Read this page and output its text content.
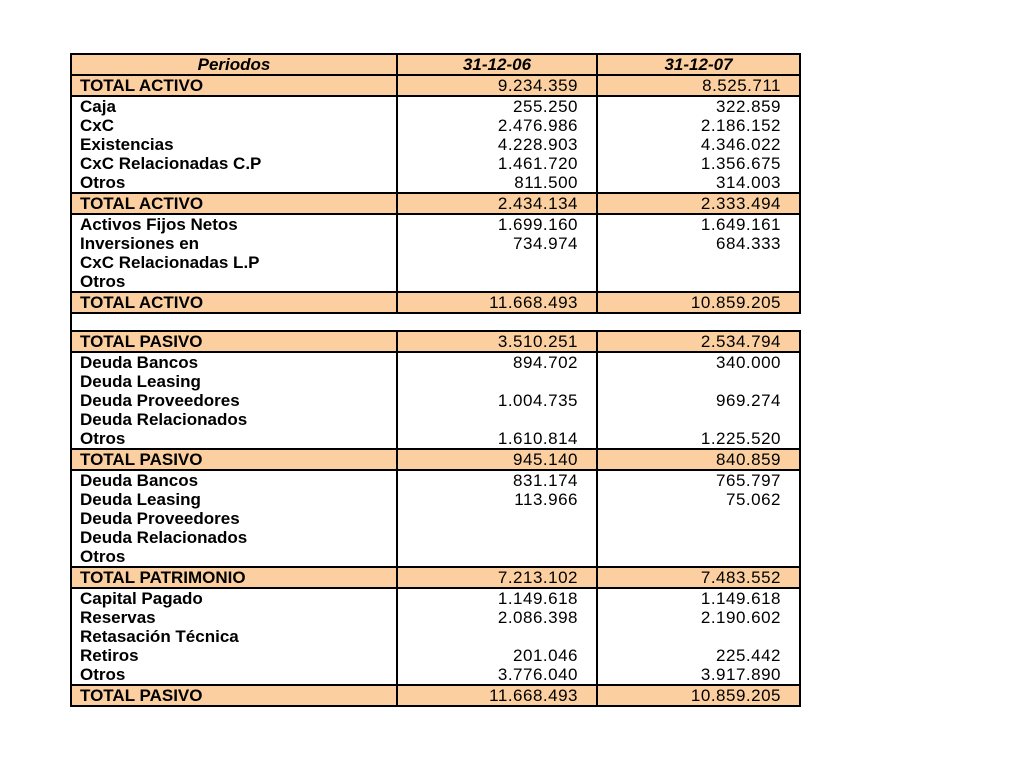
Periodos	31-12-06	31-12-07
TOTAL ACTIVO	9.234.359	8.525.711
Caja	255.250	322.859
CxC	2.476.986	2.186.152
Existencias	4.228.903	4.346.022
CxC Relacionadas C.P	1.461.720	1.356.675
Otros	811.500	314.003
TOTAL ACTIVO	2.434.134	2.333.494
Activos Fijos Netos	1.699.160	1.649.161
Inversiones en	734.974	684.333
CxC Relacionadas L.P		
Otros		
TOTAL ACTIVO	11.668.493	10.859.205

TOTAL PASIVO	3.510.251	2.534.794
Deuda Bancos	894.702	340.000
Deuda Leasing		
Deuda Proveedores	1.004.735	969.274
Deuda Relacionados		
Otros	1.610.814	1.225.520
TOTAL PASIVO	945.140	840.859
Deuda Bancos	831.174	765.797
Deuda Leasing	113.966	75.062
Deuda Proveedores		
Deuda Relacionados		
Otros		
TOTAL PATRIMONIO	7.213.102	7.483.552
Capital Pagado	1.149.618	1.149.618
Reservas	2.086.398	2.190.602
Retasación Técnica		
Retiros	201.046	225.442
Otros	3.776.040	3.917.890
TOTAL PASIVO	11.668.493	10.859.205
